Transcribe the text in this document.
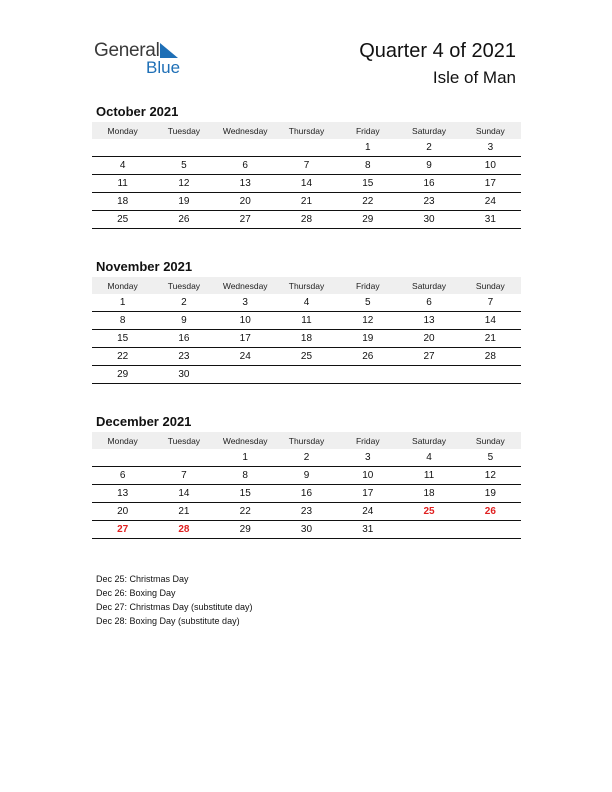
General
Blue
Quarter 4 of 2021
Isle of Man
October 2021
Monday	Tuesday	Wednesday	Thursday	Friday	Saturday	Sunday
				1	2	3
4	5	6	7	8	9	10
11	12	13	14	15	16	17
18	19	20	21	22	23	24
25	26	27	28	29	30	31
November 2021
Monday	Tuesday	Wednesday	Thursday	Friday	Saturday	Sunday
1	2	3	4	5	6	7
8	9	10	11	12	13	14
15	16	17	18	19	20	21
22	23	24	25	26	27	28
29	30					
December 2021
Monday	Tuesday	Wednesday	Thursday	Friday	Saturday	Sunday
		1	2	3	4	5
6	7	8	9	10	11	12
13	14	15	16	17	18	19
20	21	22	23	24	25	26
27	28	29	30	31		
Dec 25: Christmas Day
Dec 26: Boxing Day
Dec 27: Christmas Day (substitute day)
Dec 28: Boxing Day (substitute day)
